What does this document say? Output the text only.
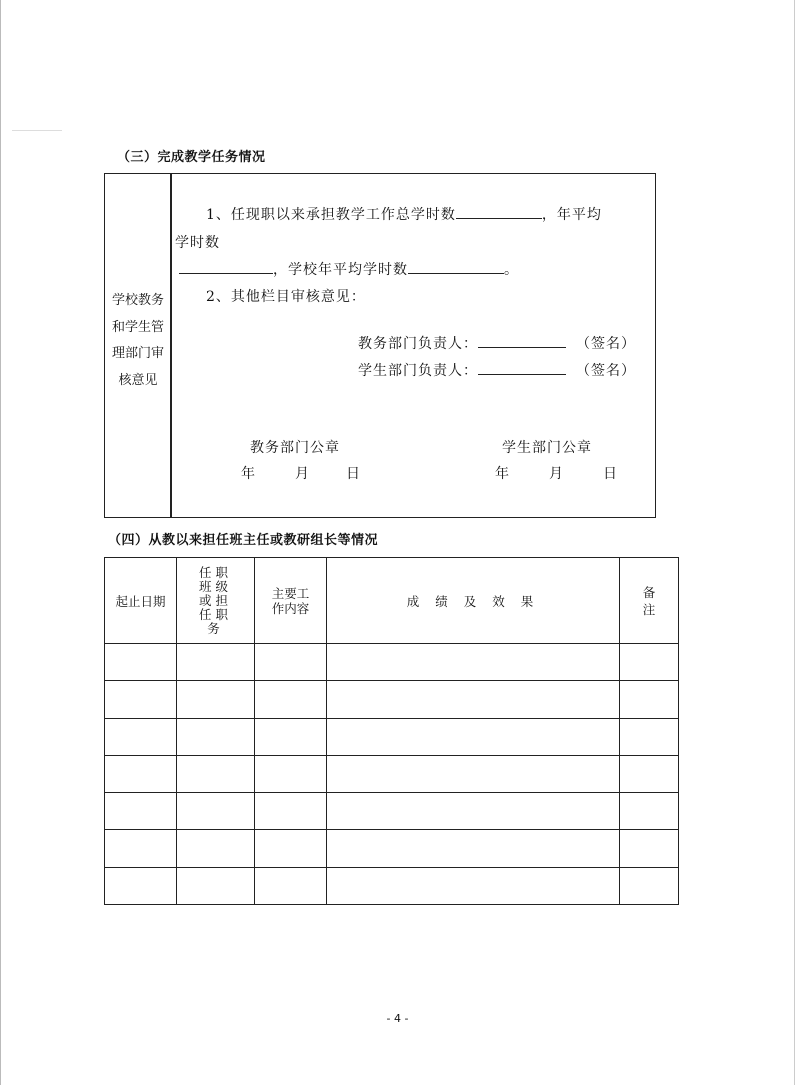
（三）完成教学任务情况
学校教务和学生管理部门审核意见
1、任现职以来承担教学工作总学时数	，年平均
学时数
，学校年平均学时数	。
2、其他栏目审核意见：
教务部门负责人：	（签名）
学生部门负责人：	（签名）
教务部门公章	学生部门公章
年	月	日	年	月	日
（四）从教以来担任班主任或教研组长等情况
起止日期	任职班级或担任职务	主要工作内容	成 绩 及 效 果	备注

- 4 -
